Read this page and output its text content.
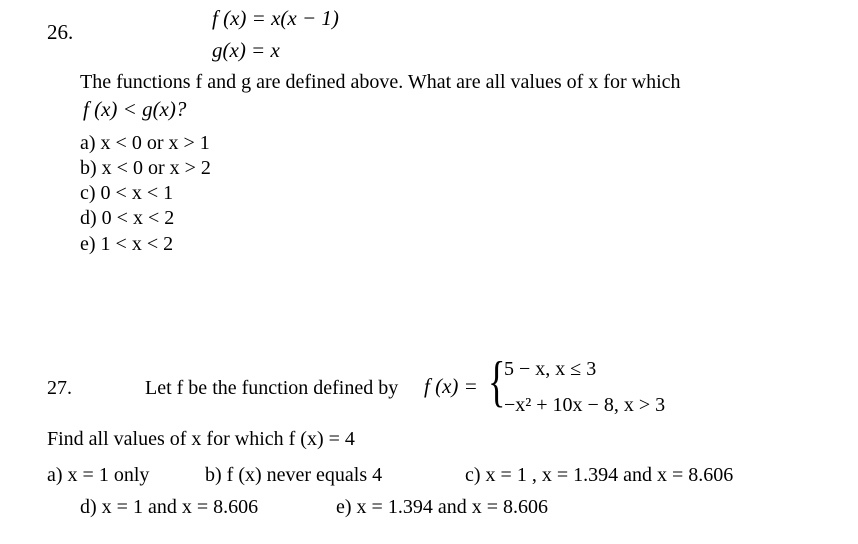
26.
f (x) = x(x − 1)
g(x) = x
The functions f and g are defined above. What are all values of x for which
f (x) < g(x)?
a) x < 0 or x > 1
b) x < 0 or x > 2
c) 0 < x < 1
d) 0 < x < 2
e) 1 < x < 2
27.	Let f be the function defined by f (x) = {
5 − x, x ≤ 3
−x² + 10x − 8, x > 3
Find all values of x for which f (x) = 4
a) x = 1 only	b) f (x) never equals 4	c) x = 1 , x = 1.394 and x = 8.606
d) x = 1 and x = 8.606	e) x = 1.394 and x = 8.606
